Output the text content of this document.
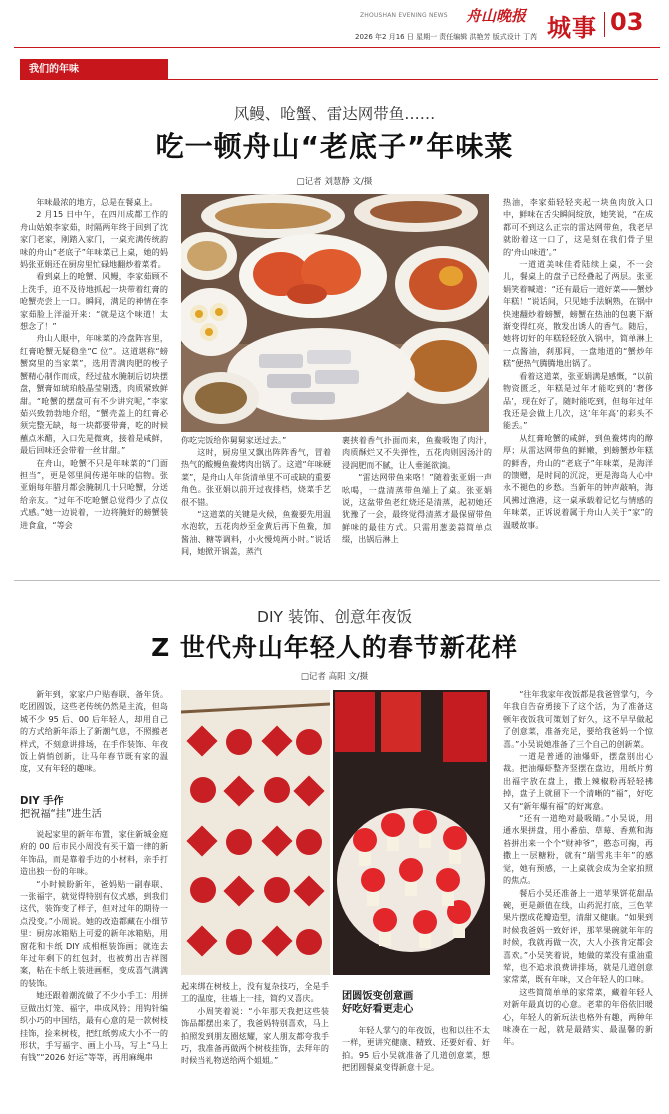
ZHOUSHAN EVENING NEWS 舟山晚报 城事 03
2026 年2 月16 日 星期一 责任编辑 洪艳芳 版式设计 丁芮
我们的年味
风鳗、呛蟹、雷达网带鱼……
吃一顿舟山“老底子”年味菜
□记者 刘慧静 文/摄

年味最浓的地方，总是在餐桌上。

2 月15 日中午，在四川成都工作的舟山姑娘李家茹，时隔两年终于回到了沈家门老家，刚踏入家门，一桌充满传统韵味的舟山“老底子”年味菜已上桌，她的妈妈张亚娟还在厨房里忙碌地翻炒着菜肴。

看到桌上的呛蟹、风鳗，李家茹顾不上洗手，迫不及待地抓起一块带着红膏的呛蟹壳尝上一口。瞬间，满足的神情在李家茹脸上洋溢开来：“就是这个味道！太想念了！”

舟山人眼中，年味菜的冷盘阵容里，红膏呛蟹无疑稳坐“C 位”。这道堪称“螃蟹窝里的当家菜”，选用青满肉肥的梭子蟹精心制作而成，经过盐水腌制后切块摆盘，蟹膏如琥珀般晶莹剔透，肉质紧致鲜甜。“呛蟹的摆盘可有不少讲究呢，”李家茹兴致勃勃地介绍，“蟹壳盖上的红膏必须完整无缺，每一块都要带膏，吃的时候蘸点米醋，入口先是微爽，接着是咸鲜，最后回味还会带着一丝甘甜。”

在舟山，呛蟹不只是年味菜的“门面担当”，更是邻里间传递年味的信物。张亚娟每年腊月都会腌制几十只呛蟹，分送给亲友。“过年不吃呛蟹总觉得少了点仪式感。”她一边说着，一边将腌好的螃蟹装进食盒，“等会

这时，厨房里又飘出阵阵香气，冒着热气的酸鳗鱼鲞烤肉出锅了。这道“年味硬菜”，是舟山人年货清单里不可或缺的重要角色。张亚娟以前开过夜排档，烧菜手艺很不错。

“这道菜的关键是火候，鱼鲞要先用温水泡软，五花肉炒至金黄后再下鱼鲞，加酱油、糖等调料，小火慢炖两小时。”说话间，她掀开锅盖，蒸汽

裹挟着香气扑面而来，鱼鲞吸饱了肉汁，肉质酥烂又不失弹性，五花肉则因汤汁的浸润肥而不腻，让人垂涎欲滴。

“雷达网带鱼来咯！”随着张亚娟一声吆喝，一盘清蒸带鱼端上了桌。张亚娟说，这盆带鱼老红烧还是清蒸，起初她还犹豫了一会，最终觉得清蒸才最保留带鱼鲜味的最佳方式。只需用葱姜蒜简单点缀，出锅后淋上

热油，李家茹轻轻夹起一块鱼肉放入口中，鲜味在舌尖瞬间绽放，她笑说，“在成都可不到这么正宗的雷达网带鱼，我老早就盼着这一口了，这是刻在我们骨子里的‘舟山味道’。”

一道道美味佳肴陆续上桌，不一会儿，餐桌上的盘子已经叠起了两层。张亚娟笑着喊道：“还有最后一道好菜——蟹炒年糕！”说话间，只见她手法娴熟，在锅中快速翻炒着螃蟹，螃蟹在热油的包裹下渐渐变得红亮，散发出诱人的香气。随后，她将切好的年糕轻轻放入锅中，简单淋上一点酱油，刹那间，一盘地道的“蟹炒年糕”便热气腾腾地出锅了。

看着这道菜，张亚娟满是感慨，“以前物资匮乏，年糕是过年才能吃到的‘奢侈品’，现在好了，随时能吃到，但每年过年我还是会做上几次，这‘年年高’的彩头不能丢。”

从红膏呛蟹的咸鲜，到鱼鲞烤肉的醇厚；从雷达网带鱼的鲜嫩，到螃蟹炒年糕的鲜香，舟山的“老底子”年味菜，是海洋的馈赠，是时间的沉淀，更是海岛人心中永不褪色的乡愁。当新年的钟声敲响，海风拂过渔港，这一桌承载着记忆与情感的年味菜，正诉说着属于舟山人关于“家”的温暖故事。

你吃完饭给你舅舅家送过去。”
DIY 装饰、创意年夜饭
Z 世代舟山年轻人的春节新花样
□记者 高阳 文/摄

新年到，家家户户贴春联、备年货。吃团圆饭，这些老传统仍然是主流，但岛城不少 95 后、00 后年轻人，却用自己的方式给新年添上了新潮气息，不照搬老样式，不刻意讲排场，在手作装饰、年夜饭上倘悄创新，让马年春节既有家的温度，又有年轻的趣味。

DIY 手作
把祝福“挂”进生活

说起家里的新年布置，家住新城金庭府的 00 后市民小周没有买干篇一律的新年饰品，而是靠着手边的小材料，亲手打造出独一份的年味。

“小时候盼新年，爸妈贴一副春联、一张福字，就觉得特别有仪式感，到我们这代，装饰变了样子，但对过年的期待一点没变。”小周说。她的改造都藏在小细节里：厨房冰箱贴上可爱的新年冰箱贴，用窗花和卡纸 DIY 成相框装饰画；就连去年过年剩下的红包封，也被剪出吉祥图案，粘在卡纸上装进画框，变成喜气满满的装饰。

她还跟着潮流做了不少小手工：用拼豆做出灯笼、福字，串成风铃；用钩针编织小巧的中国结，最有心意的是一款树枝挂饰，捡来树枝，把红纸剪成大小不一的形状，手写福字、画上小马，写上“马上有钱”“2026 好运”等等，再用麻绳串

起来绑在树枝上，没有复杂技巧，全是手工的温度，往墙上一挂，简约又喜庆。

小周笑着说：“小年那天我把这些装饰品都摆出来了，我爸妈特别喜欢，马上拍照发到朋友圈炫耀，家人朋友都夸我手巧，我准备再做两个树枝挂饰，去拜年的时候当礼物送给两个姐姐。”

团圆饭变创意画
好吃好看更走心

年轻人掌勺的年夜饭，也和以往不太一样，更讲究健康、精致、还要好看、好拍。95 后小吴就准备了几道创意菜，想把团圆餐桌变得新意十足。

“往年我家年夜饭都是我爸管掌勺，今年我自告奋勇接下了这个活，为了准备这顿年夜饭我可策划了好久，这不早早做起了创意菜，准备充足，要给我爸妈一个惊喜。”小吴说她准备了三个自己的创新菜。

一道是普通的油爆虾，摆盘别出心裁。把油爆虾整齐竖摆在盘边，用纸片剪出福字放在盘上，撒上辣椒粉再轻轻拂掉，盘子上就留下一个清晰的“福”，好吃又有“新年爆有福”的好寓意。

“还有一道绝对最吸睛。”小吴说，用通水果拼盘，用小番茄、草莓、香蕉和海苔拼出来一个个“财神爷”，憨态可掬，再撒上一层糖粉，就有“瑞雪兆丰年”的感觉，她有预感，一上桌就会成为全家拍照的焦点。

餐后小吴还准备上一道苹果饼花甜品碗，更是颜值在线，山药泥打底，三色苹果片摆成花瓣造型，清甜又健康。“如果到时候我爸妈一致好评，那苹果碗就年年的时候，我就再做一次，大人小孩肯定都会喜欢。”小吴笑着说，她做的菜没有重油重荤，也不追求浪费讲排场，就是几道创意家常菜，既有年味，又合年轻人的口味。

这些简简单单的家常菜，藏着年轻人对新年最真切的心意。老辈的年俗依旧暖心，年轻人的新玩法也格外有趣，两种年味凑在一起，就是最踏实、最温馨的新年。
